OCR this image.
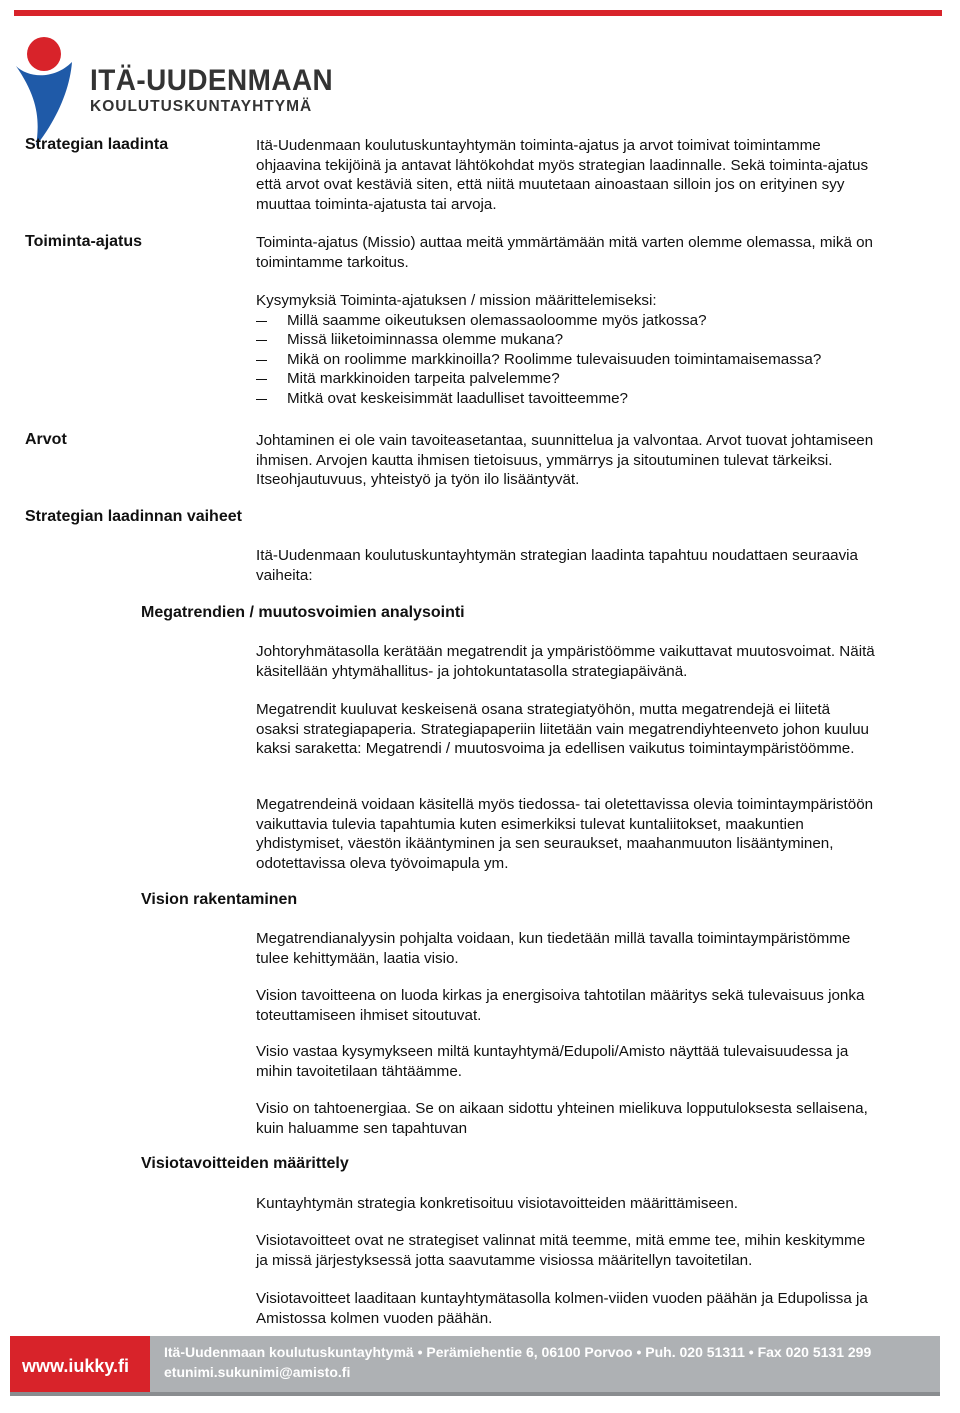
ITÄ-UUDENMAAN
KOULUTUSKUNTAYHTYMÄ
Strategian laadinta	Itä-Uudenmaan koulutuskuntayhtymän toiminta-ajatus ja arvot toimivat toimintamme ohjaavina tekijöinä ja antavat lähtökohdat myös strategian laadinnalle. Sekä toiminta-ajatus että arvot ovat kestäviä siten, että niitä muutetaan ainoastaan silloin jos on erityinen syy muuttaa toiminta-ajatusta tai arvoja.
Toiminta-ajatus	Toiminta-ajatus (Missio) auttaa meitä ymmärtämään mitä varten olemme olemassa, mikä on toimintamme tarkoitus.

Kysymyksiä Toiminta-ajatuksen / mission määrittelemiseksi:

Millä saamme oikeutuksen olemassaoloomme myös jatkossa?
Missä liiketoiminnassa olemme mukana?
Mikä on roolimme markkinoilla? Roolimme tulevaisuuden toimintamaisemassa?
Mitä markkinoiden tarpeita palvelemme?
Mitkä ovat keskeisimmät laadulliset tavoitteemme?
Arvot	Johtaminen ei ole vain tavoiteasetantaa, suunnittelua ja valvontaa. Arvot tuovat johtamiseen ihmisen. Arvojen kautta ihmisen tietoisuus, ymmärrys ja sitoutuminen tulevat tärkeiksi. Itseohjautuvuus, yhteistyö ja työn ilo lisääntyvät.
Strategian laadinnan vaiheet
Itä-Uudenmaan koulutuskuntayhtymän strategian laadinta tapahtuu noudattaen seuraavia vaiheita:
Megatrendien / muutosvoimien analysointi
Johtoryhmätasolla kerätään megatrendit ja ympäristöömme vaikuttavat muutosvoimat. Näitä käsitellään yhtymähallitus- ja johtokuntatasolla strategiapäivänä.
Megatrendit kuuluvat keskeisenä osana strategiatyöhön, mutta megatrendejä ei liitetä osaksi strategiapaperia. Strategiapaperiin liitetään vain megatrendiyhteenveto johon kuuluu kaksi saraketta: Megatrendi / muutosvoima ja edellisen vaikutus toimintaympäristöömme.
Megatrendeinä voidaan käsitellä myös tiedossa- tai oletettavissa olevia toimintaympäristöön vaikuttavia tulevia tapahtumia kuten esimerkiksi tulevat kuntaliitokset, maakuntien yhdistymiset, väestön ikääntyminen ja sen seuraukset, maahanmuuton lisääntyminen, odotettavissa oleva työvoimapula ym.
Vision rakentaminen
Megatrendianalyysin pohjalta voidaan, kun tiedetään millä tavalla toimintaympäristömme tulee kehittymään, laatia visio.
Vision tavoitteena on luoda kirkas ja energisoiva tahtotilan määritys sekä tulevaisuus jonka toteuttamiseen ihmiset sitoutuvat.
Visio vastaa kysymykseen miltä kuntayhtymä/Edupoli/Amisto näyttää tulevaisuudessa ja mihin tavoitetilaan tähtäämme.
Visio on tahtoenergiaa. Se on aikaan sidottu yhteinen mielikuva lopputuloksesta sellaisena, kuin haluamme sen tapahtuvan
Visiotavoitteiden määrittely
Kuntayhtymän strategia konkretisoituu visiotavoitteiden määrittämiseen.
Visiotavoitteet ovat ne strategiset valinnat mitä teemme, mitä emme tee, mihin keskitymme ja missä järjestyksessä jotta saavutamme visiossa määritellyn tavoitetilan.
Visiotavoitteet laaditaan kuntayhtymätasolla kolmen-viiden vuoden päähän ja Edupolissa ja Amistossa kolmen vuoden päähän.
www.iukky.fi
Itä-Uudenmaan koulutuskuntayhtymä • Perämiehentie 6, 06100 Porvoo • Puh. 020 51311 • Fax 020 5131 299
etunimi.sukunimi@amisto.fi
